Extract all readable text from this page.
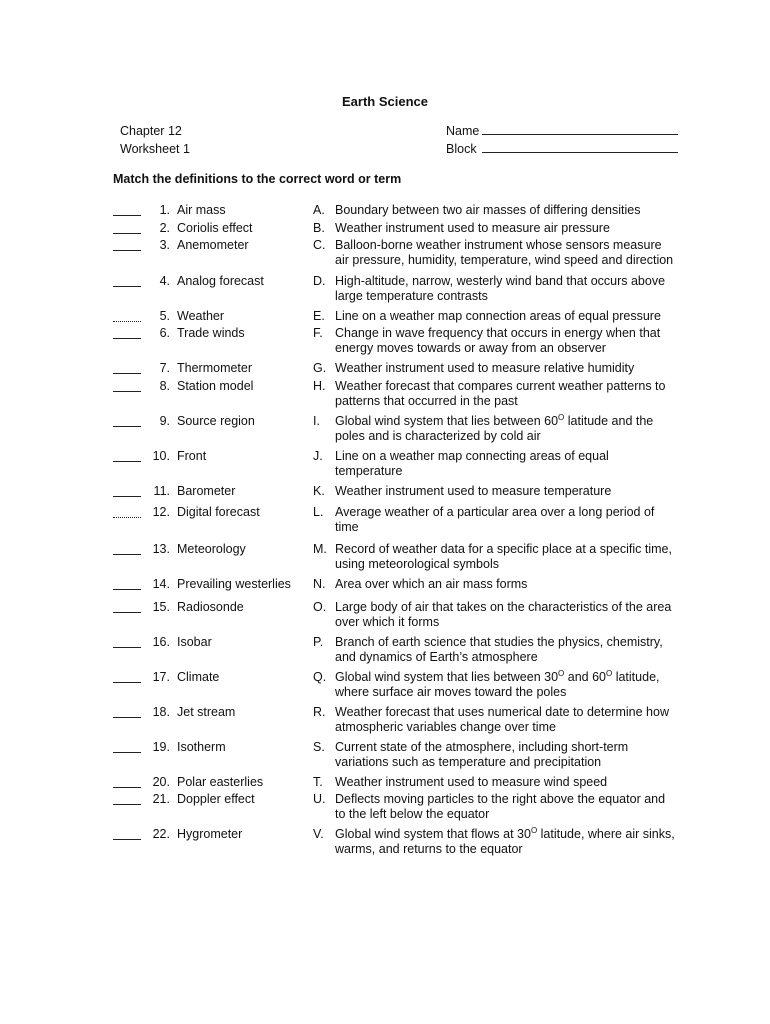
Earth Science
Chapter 12
Worksheet 1
Name
Block
Match the definitions to the correct word or term
1. Air mass	A. Boundary between two air masses of differing densities
2. Coriolis effect	B. Weather instrument used to measure air pressure
3. Anemometer	C. Balloon-borne weather instrument whose sensors measure
air pressure, humidity, temperature, wind speed and direction
4. Analog forecast	D. High-altitude, narrow, westerly wind band that occurs above
large temperature contrasts
5. Weather	E. Line on a weather map connection areas of equal pressure
6. Trade winds	F. Change in wave frequency that occurs in energy when that
energy moves towards or away from an observer
7. Thermometer	G. Weather instrument used to measure relative humidity
8. Station model	H. Weather forecast that compares current weather patterns to
patterns that occurred in the past
9. Source region	I. Global wind system that lies between $60^O$ latitude and the
poles and is characterized by cold air
10. Front	J. Line on a weather map connecting areas of equal
temperature
11. Barometer	K. Weather instrument used to measure temperature
12. Digital forecast	L. Average weather of a particular area over a long period of
time
13. Meteorology	M. Record of weather data for a specific place at a specific time,
using meteorological symbols
14. Prevailing westerlies N. Area over which an air mass forms
15. Radiosonde	O. Large body of air that takes on the characteristics of the area
over which it forms
16. Isobar	P. Branch of earth science that studies the physics, chemistry,
and dynamics of Earth’s atmosphere
17. Climate	Q. Global wind system that lies between $30^O$ and $60^O$ latitude,
where surface air moves toward the poles
18. Jet stream	R. Weather forecast that uses numerical date to determine how
atmospheric variables change over time
19. Isotherm	S. Current state of the atmosphere, including short-term
variations such as temperature and precipitation
20. Polar easterlies	T. Weather instrument used to measure wind speed
21. Doppler effect	U. Deflects moving particles to the right above the equator and
to the left below the equator
22. Hygrometer	V. Global wind system that flows at $30^O$ latitude, where air sinks,
warms, and returns to the equator
